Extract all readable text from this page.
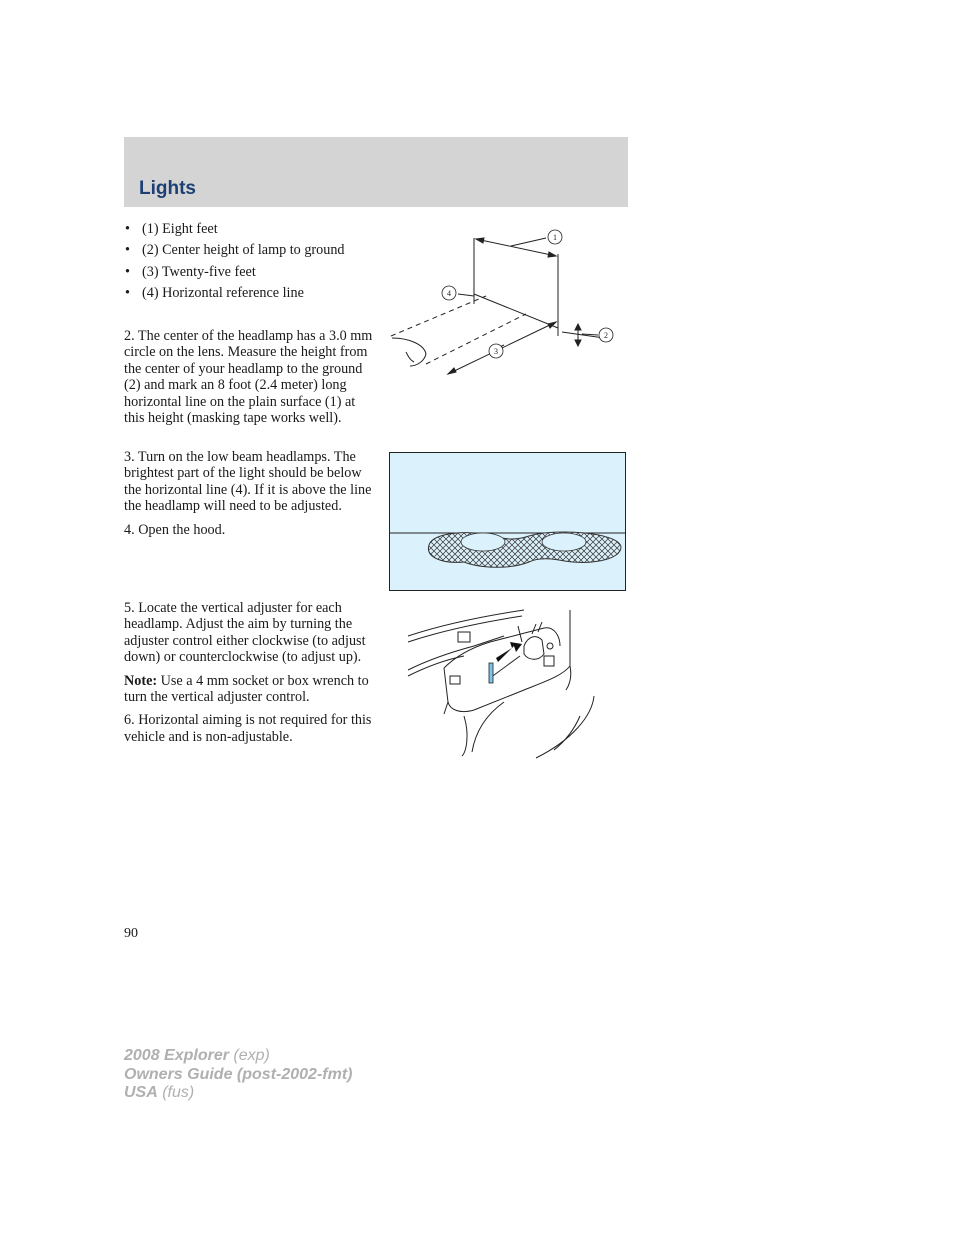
Lights
• (1) Eight feet
• (2) Center height of lamp to ground
• (3) Twenty-five feet
• (4) Horizontal reference line

2. The center of the headlamp has a 3.0 mm
circle on the lens. Measure the height from
the center of your headlamp to the ground
(2) and mark an 8 foot (2.4 meter) long
horizontal line on the plain surface (1) at
this height (masking tape works well).

1
2
3
4

3. Turn on the low beam headlamps. The brightest part of the light should be below the horizontal line (4). If it is above the line the headlamp will need to be adjusted.

4. Open the hood.

5. Locate the vertical adjuster for each headlamp. Adjust the aim by turning the adjuster control either clockwise (to adjust down) or counterclockwise (to adjust up).

Note: Use a 4 mm socket or box wrench to turn the vertical adjuster control.

6. Horizontal aiming is not required for this vehicle and is non-adjustable.

90
2008 Explorer (exp)
Owners Guide (post-2002-fmt)
USA (fus)
